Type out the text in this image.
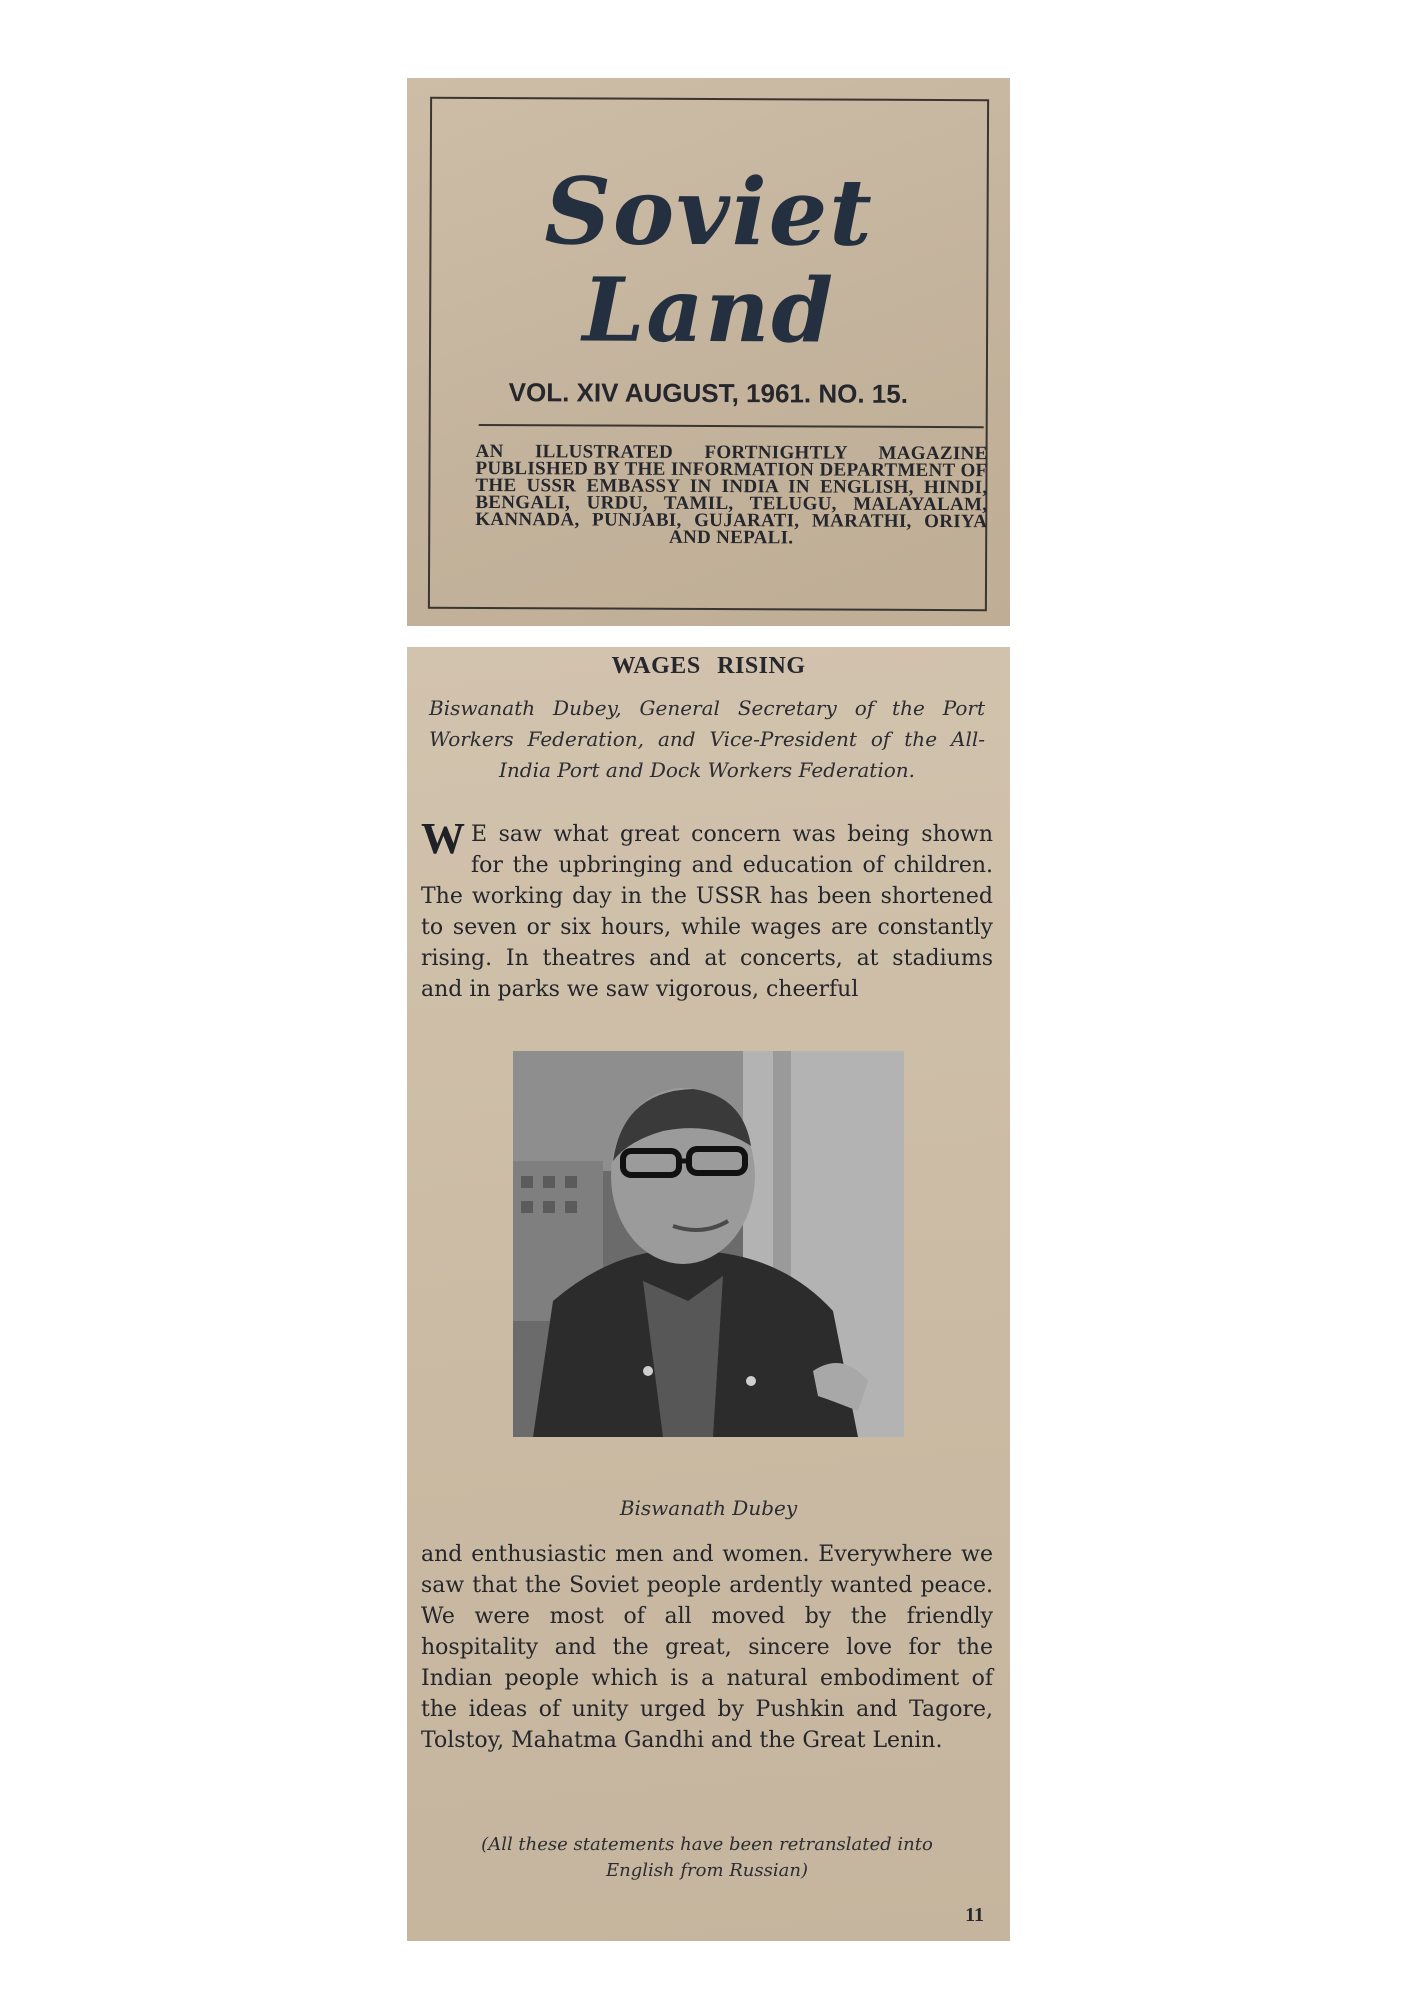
Soviet
Land
VOL. XIV AUGUST, 1961. NO. 15.
AN ILLUSTRATED FORTNIGHTLY MAGAZINE PUBLISHED BY THE INFORMATION DEPARTMENT OF THE USSR EMBASSY IN INDIA IN ENGLISH, HINDI, BENGALI, URDU, TAMIL, TELUGU, MALAYALAM, KANNADA, PUNJABI, GUJARATI, MARATHI, ORIYA AND NEPALI.
WAGES RISING
Biswanath Dubey, General Secretary of the Port Workers Federation, and Vice-President of the All-India Port and Dock Workers Federation.
WE saw what great concern was being shown for the upbringing and education of children. The working day in the USSR has been shortened to seven or six hours, while wages are constantly rising. In theatres and at concerts, at stadiums and in parks we saw vigorous, cheerful
Biswanath Dubey
and enthusiastic men and women. Everywhere we saw that the Soviet people ardently wanted peace. We were most of all moved by the friendly hospitality and the great, sincere love for the Indian people which is a natural embodiment of the ideas of unity urged by Pushkin and Tagore, Tolstoy, Mahatma Gandhi and the Great Lenin.
(All these statements have been retranslated into English from Russian)
11
